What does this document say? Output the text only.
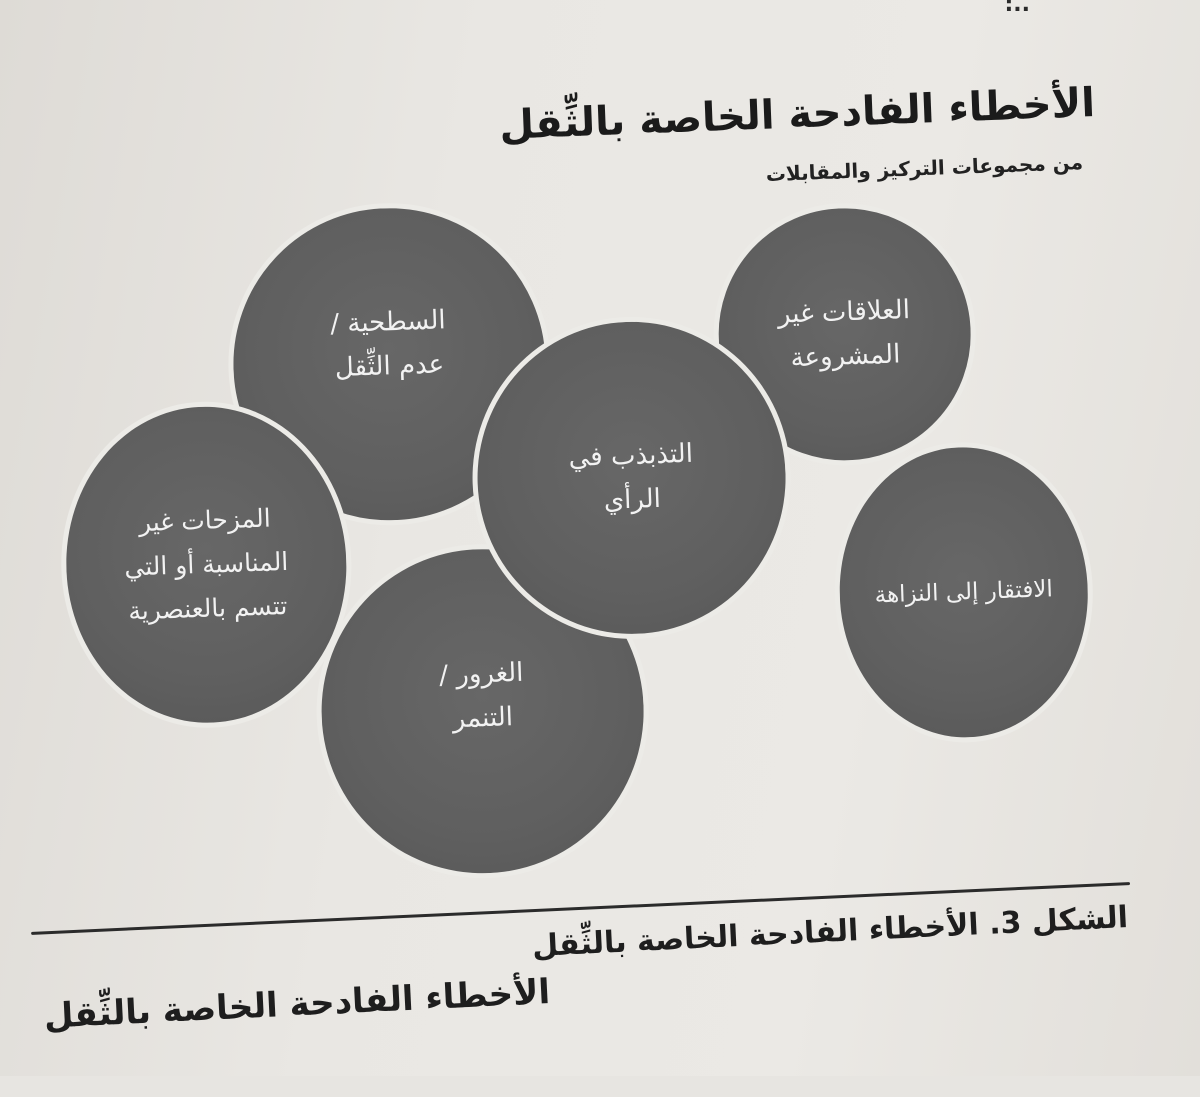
..:
الأخطاء الفادحة الخاصة بالثِّقل
من مجموعات التركيز والمقابلات
السطحية /
عدم الثِّقل
العلاقات غير
المشروعة
المزحات غير
المناسبة أو التي
تتسم بالعنصرية	الافتقار إلى النزاهة
الغرور /
التنمر
التذبذب في
الرأي
الشكل 3. الأخطاء الفادحة الخاصة بالثِّقل
الأخطاء الفادحة الخاصة بالثِّقل
